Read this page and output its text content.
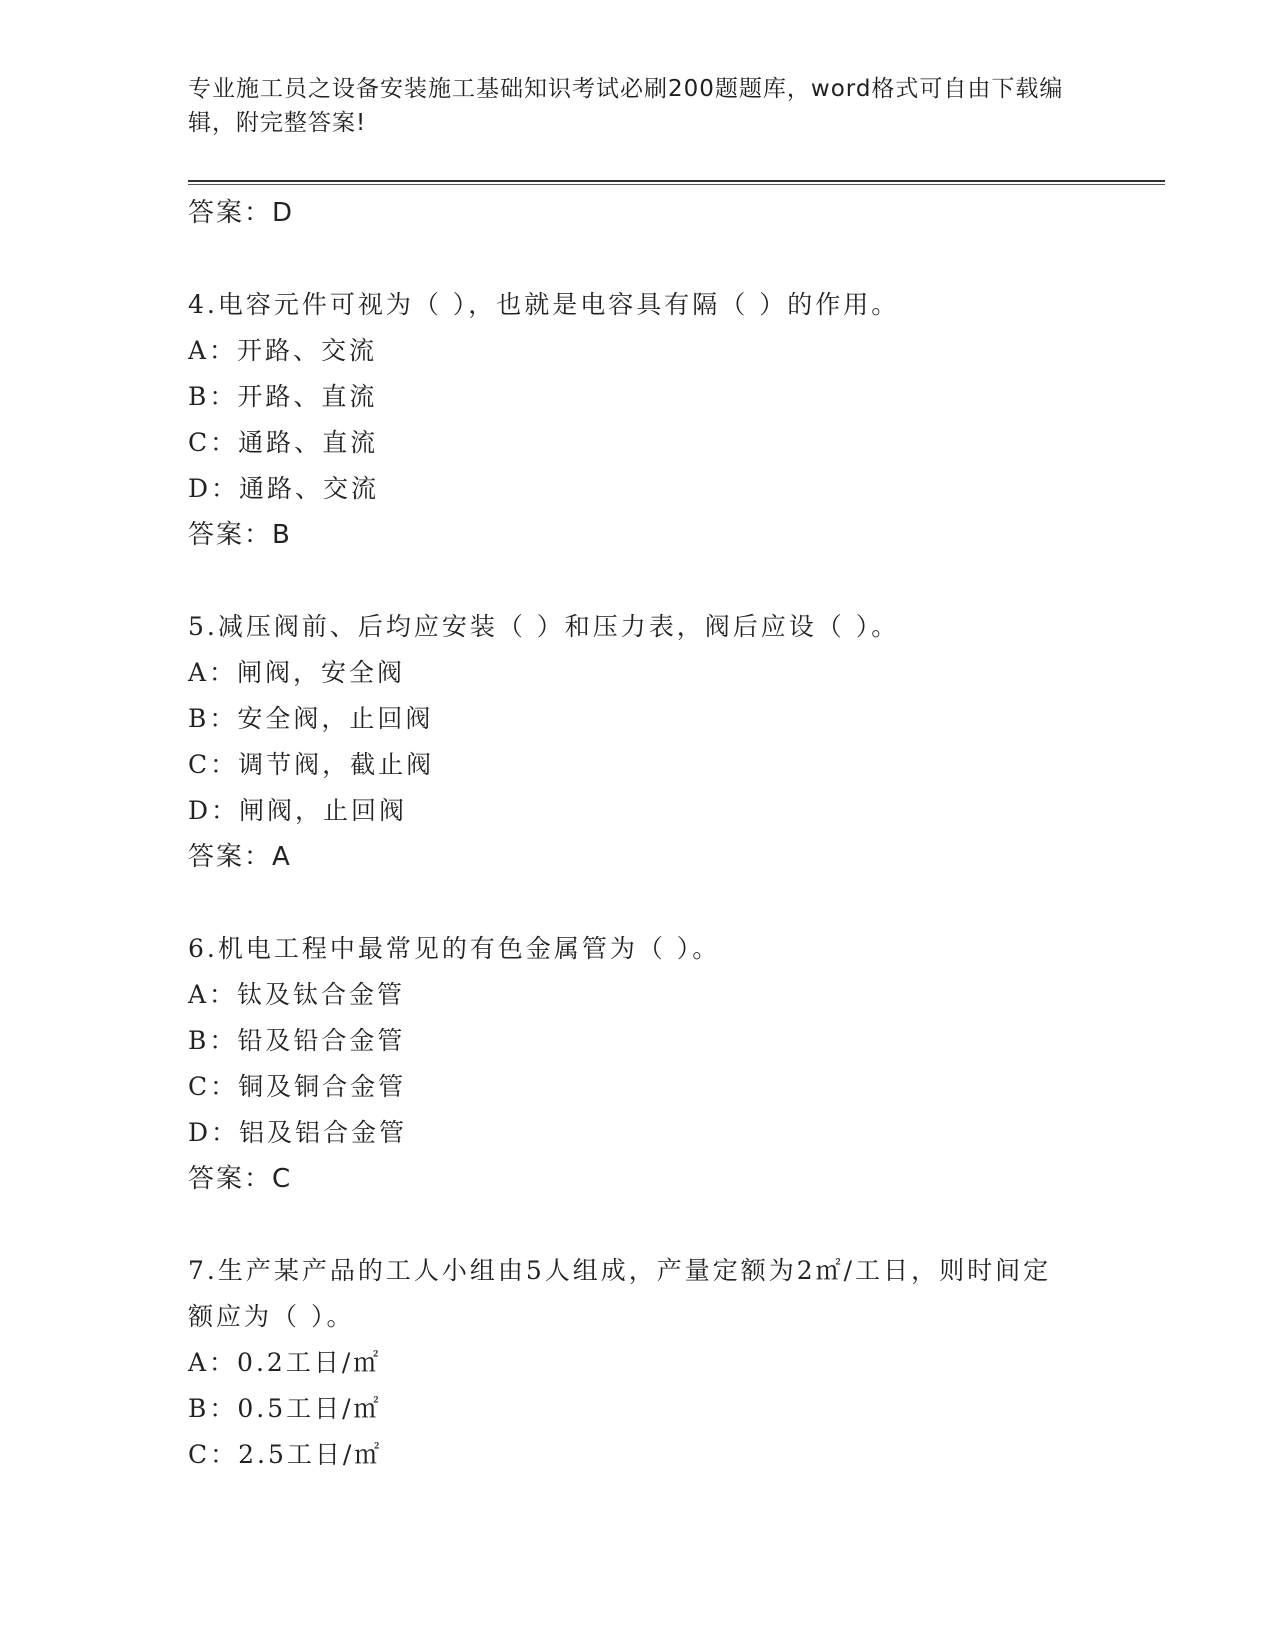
专业施工员之设备安装施工基础知识考试必刷200题题库，word格式可自由下载编辑，附完整答案!
答案：D
4.电容元件可视为（ ），也就是电容具有隔（ ）的作用。
A：开路、交流
B：开路、直流
C：通路、直流
D：通路、交流
答案：B
5.减压阀前、后均应安装（ ）和压力表，阀后应设（ ）。
A：闸阀，安全阀
B：安全阀，止回阀
C：调节阀，截止阀
D：闸阀，止回阀
答案：A
6.机电工程中最常见的有色金属管为（ ）。
A：钛及钛合金管
B：铅及铅合金管
C：铜及铜合金管
D：铝及铝合金管
答案：C
7.生产某产品的工人小组由5人组成，产量定额为2㎡/工日，则时间定额应为（ ）。
A：0.2工日/㎡
B：0.5工日/㎡
C：2.5工日/㎡
